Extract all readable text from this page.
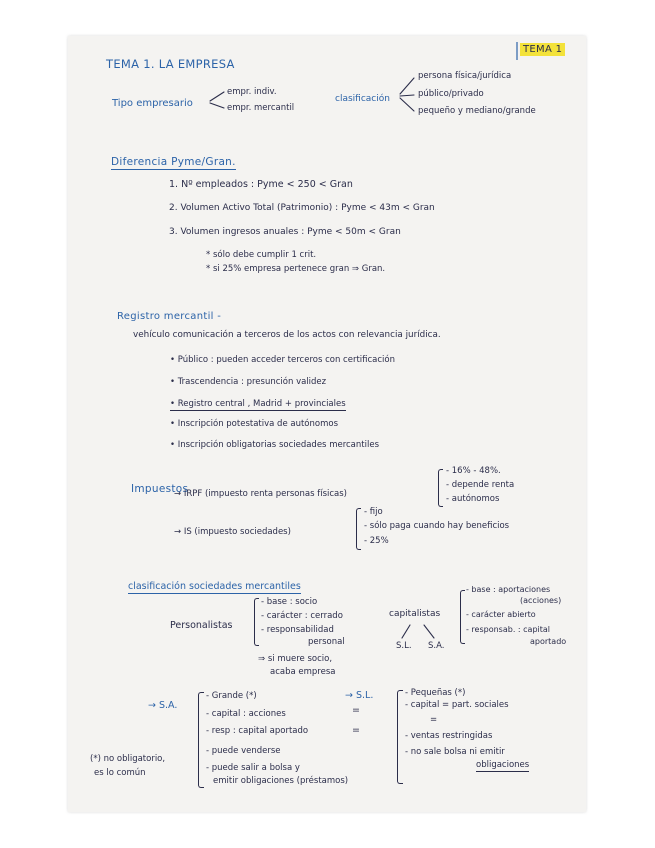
TEMA 1
TEMA 1. LA EMPRESA
Tipo empresario
empr. indiv.
empr. mercantil
clasificación
persona física/jurídica
público/privado
pequeño y mediano/grande
Diferencia Pyme/Gran.
1. Nº empleados : Pyme < 250 < Gran
2. Volumen Activo Total (Patrimonio) : Pyme < 43m < Gran
3. Volumen ingresos anuales : Pyme < 50m < Gran
* sólo debe cumplir 1 crit.
* si 25% empresa pertenece gran ⇒ Gran.
Registro mercantil -
vehículo comunicación a terceros de los actos con relevancia jurídica.
• Público : pueden acceder terceros con certificación
• Trascendencia : presunción validez
• Registro central , Madrid + provinciales
• Inscripción potestativa de autónomos
• Inscripción obligatorias sociedades mercantiles
Impuestos
→ IRPF (impuesto renta personas físicas)
- 16% - 48%.
- depende renta
- autónomos
→ IS (impuesto sociedades)
- fijo
- sólo paga cuando hay beneficios
- 25%
clasificación sociedades mercantiles
Personalistas
- base : socio
- carácter : cerrado
- responsabilidad
personal
⇒ si muere socio,
acaba empresa
capitalistas
- base : aportaciones
(acciones)
- carácter abierto
- responsab. : capital
aportado
S.L. S.A.
→ S.A.
- Grande (*)
- capital : acciones
- resp : capital aportado
- puede venderse
- puede salir a bolsa y
emitir obligaciones (préstamos)
=
=
→ S.L.	- Pequeñas (*)
- capital = part. sociales
=
- ventas restringidas
- no sale bolsa ni emitir
obligaciones
(*) no obligatorio,
es lo común
